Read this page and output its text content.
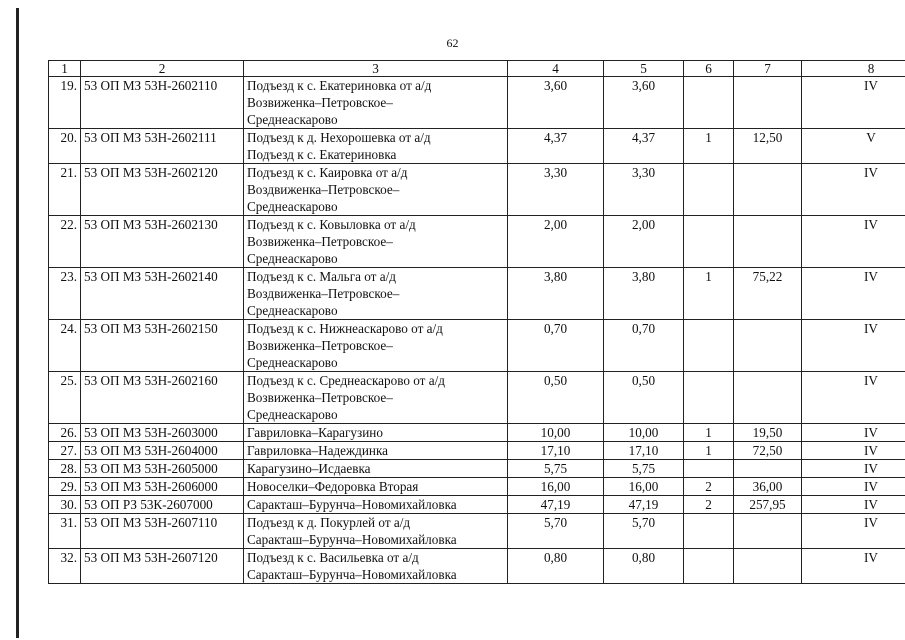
62
1	2	3	4	5	6	7	8
19.	53 ОП МЗ 53Н-2602110	Подъезд к с. Екатериновка от а/д
Возвиженка–Петровское–
Среднеаскарово	3,60	3,60			IV
20.	53 ОП МЗ 53Н-2602111	Подъезд к д. Нехорошевка от а/д
Подъезд к с. Екатериновка	4,37	4,37	1	12,50	V
21.	53 ОП МЗ 53Н-2602120	Подъезд к с. Каировка от а/д
Воздвиженка–Петровское–
Среднеаскарово	3,30	3,30			IV
22.	53 ОП МЗ 53Н-2602130	Подъезд к с. Ковыловка от а/д
Возвиженка–Петровское–
Среднеаскарово	2,00	2,00			IV
23.	53 ОП МЗ 53Н-2602140	Подъезд к с. Мальга от а/д
Воздвиженка–Петровское–
Среднеаскарово	3,80	3,80	1	75,22	IV
24.	53 ОП МЗ 53Н-2602150	Подъезд к с. Нижнеаскарово от а/д
Возвиженка–Петровское–
Среднеаскарово	0,70	0,70			IV
25.	53 ОП МЗ 53Н-2602160	Подъезд к с. Среднеаскарово от а/д
Возвиженка–Петровское–
Среднеаскарово	0,50	0,50			IV
26.	53 ОП МЗ 53Н-2603000	Гавриловка–Карагузино	10,00	10,00	1	19,50	IV
27.	53 ОП МЗ 53Н-2604000	Гавриловка–Надеждинка	17,10	17,10	1	72,50	IV
28.	53 ОП МЗ 53Н-2605000	Карагузино–Исдаевка	5,75	5,75			IV
29.	53 ОП МЗ 53Н-2606000	Новоселки–Федоровка Вторая	16,00	16,00	2	36,00	IV
30.	53 ОП РЗ 53К-2607000	Саракташ–Бурунча–Новомихайловка	47,19	47,19	2	257,95	IV
31.	53 ОП МЗ 53Н-2607110	Подъезд к д. Покурлей от а/д
Саракташ–Бурунча–Новомихайловка	5,70	5,70			IV
32.	53 ОП МЗ 53Н-2607120	Подъезд к с. Васильевка от а/д
Саракташ–Бурунча–Новомихайловка	0,80	0,80			IV
